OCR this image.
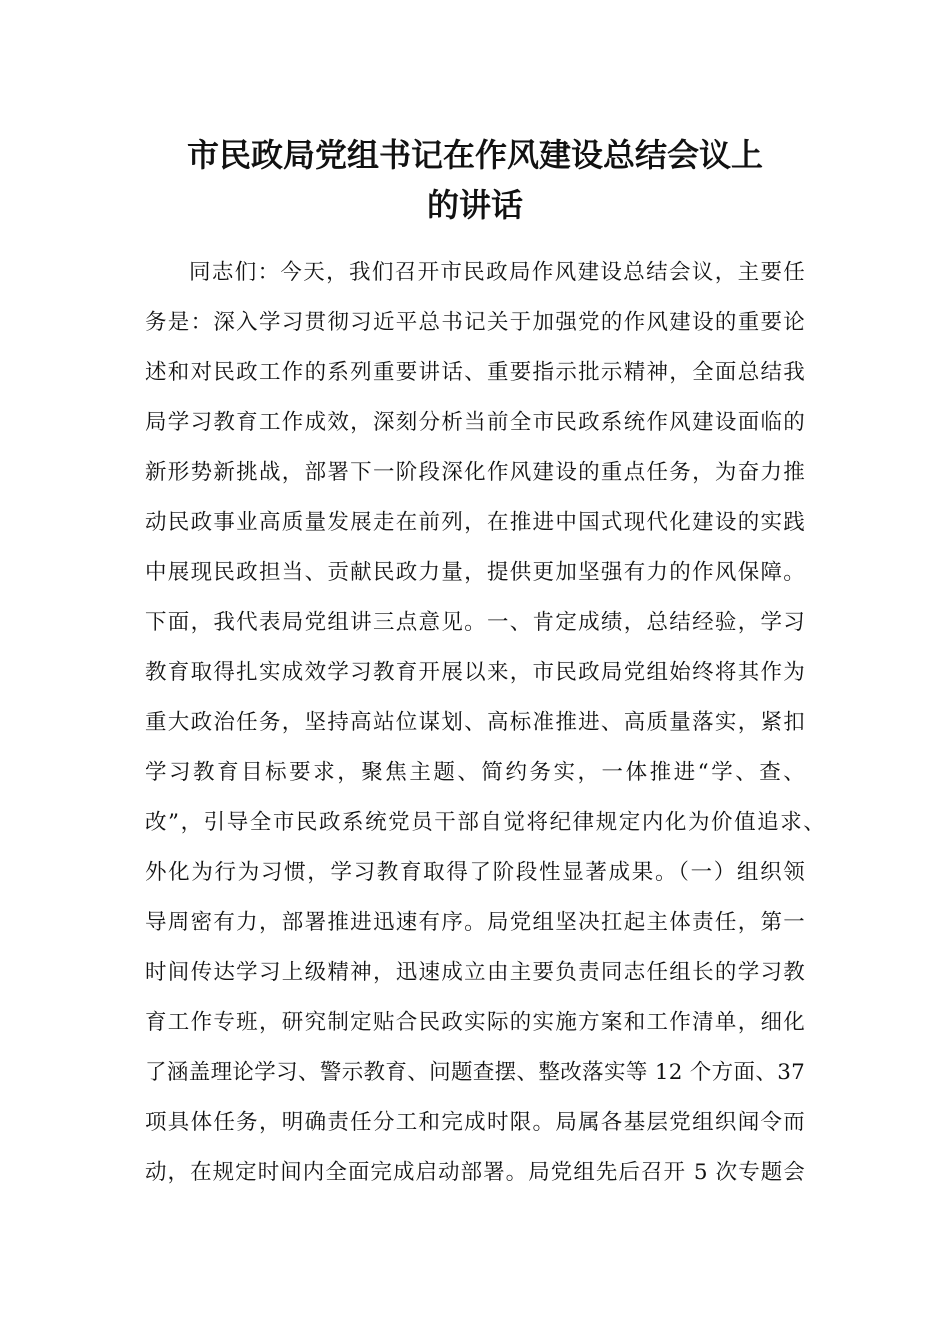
市民政局党组书记在作风建设总结会议上
的讲话
同志们：今天，我们召开市民政局作风建设总结会议，主要任
务是：深入学习贯彻习近平总书记关于加强党的作风建设的重要论
述和对民政工作的系列重要讲话、重要指示批示精神，全面总结我
局学习教育工作成效，深刻分析当前全市民政系统作风建设面临的
新形势新挑战，部署下一阶段深化作风建设的重点任务，为奋力推
动民政事业高质量发展走在前列，在推进中国式现代化建设的实践
中展现民政担当、贡献民政力量，提供更加坚强有力的作风保障。
下面，我代表局党组讲三点意见。一、肯定成绩，总结经验，学习
教育取得扎实成效学习教育开展以来，市民政局党组始终将其作为
重大政治任务，坚持高站位谋划、高标准推进、高质量落实，紧扣
学习教育目标要求，聚焦主题、简约务实，一体推进“学、查、
改”，引导全市民政系统党员干部自觉将纪律规定内化为价值追求、
外化为行为习惯，学习教育取得了阶段性显著成果。（一）组织领
导周密有力，部署推进迅速有序。局党组坚决扛起主体责任，第一
时间传达学习上级精神，迅速成立由主要负责同志任组长的学习教
育工作专班，研究制定贴合民政实际的实施方案和工作清单，细化
了涵盖理论学习、警示教育、问题查摆、整改落实等 12 个方面、37
项具体任务，明确责任分工和完成时限。局属各基层党组织闻令而
动，在规定时间内全面完成启动部署。局党组先后召开 5 次专题会
